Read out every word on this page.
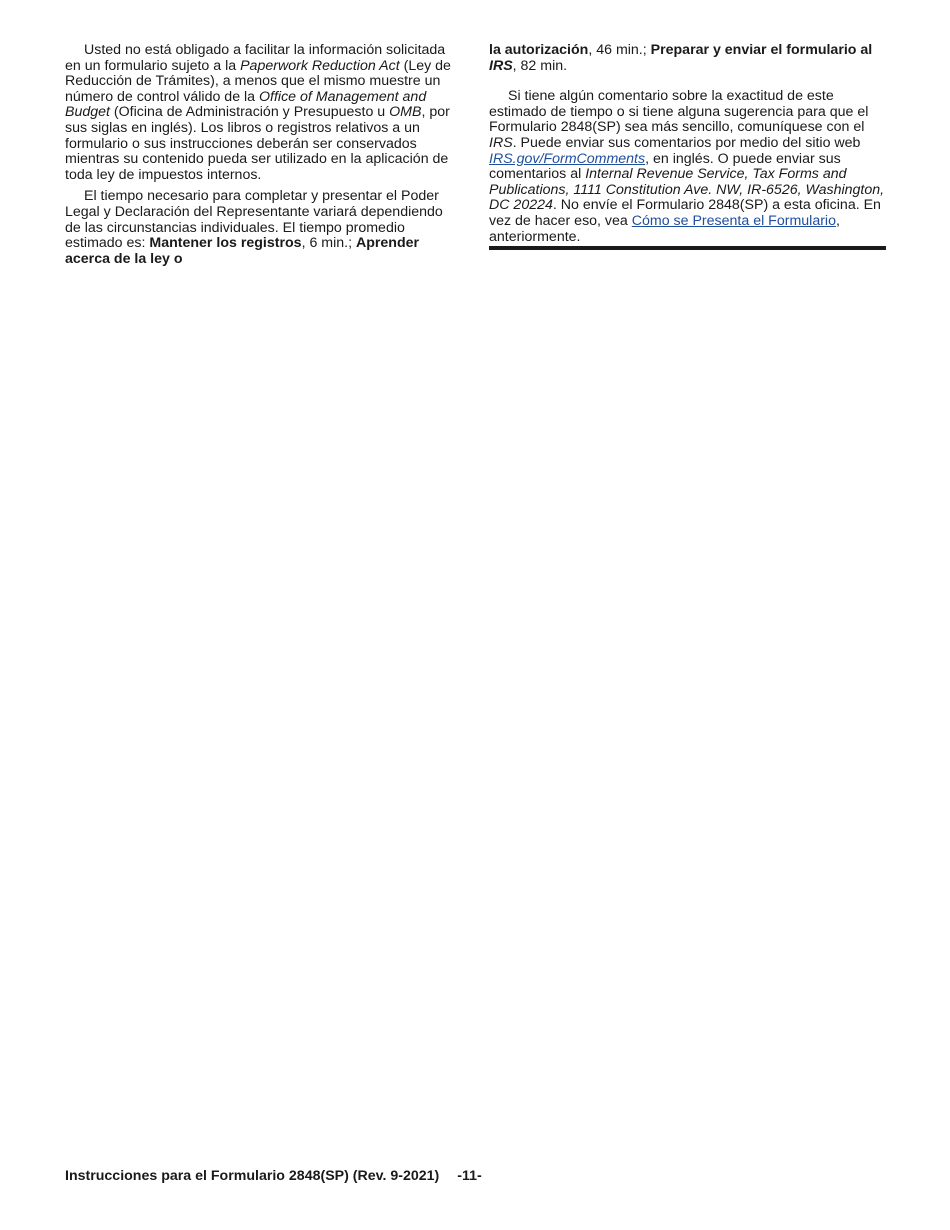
Usted no está obligado a facilitar la información solicitada en un formulario sujeto a la Paperwork Reduction Act (Ley de Reducción de Trámites), a menos que el mismo muestre un número de control válido de la Office of Management and Budget (Oficina de Administración y Presupuesto u OMB, por sus siglas en inglés). Los libros o registros relativos a un formulario o sus instrucciones deberán ser conservados mientras su contenido pueda ser utilizado en la aplicación de toda ley de impuestos internos.

El tiempo necesario para completar y presentar el Poder Legal y Declaración del Representante variará dependiendo de las circunstancias individuales. El tiempo promedio estimado es: Mantener los registros, 6 min.; Aprender acerca de la ley o

la autorización, 46 min.; Preparar y enviar el formulario al IRS, 82 min.

Si tiene algún comentario sobre la exactitud de este estimado de tiempo o si tiene alguna sugerencia para que el Formulario 2848(SP) sea más sencillo, comuníquese con el IRS. Puede enviar sus comentarios por medio del sitio web IRS.gov/FormComments, en inglés. O puede enviar sus comentarios al Internal Revenue Service, Tax Forms and Publications, 1111 Constitution Ave. NW, IR-6526, Washington, DC 20224. No envíe el Formulario 2848(SP) a esta oficina. En vez de hacer eso, vea Cómo se Presenta el Formulario, anteriormente.

Instrucciones para el Formulario 2848(SP) (Rev. 9-2021) -11-
